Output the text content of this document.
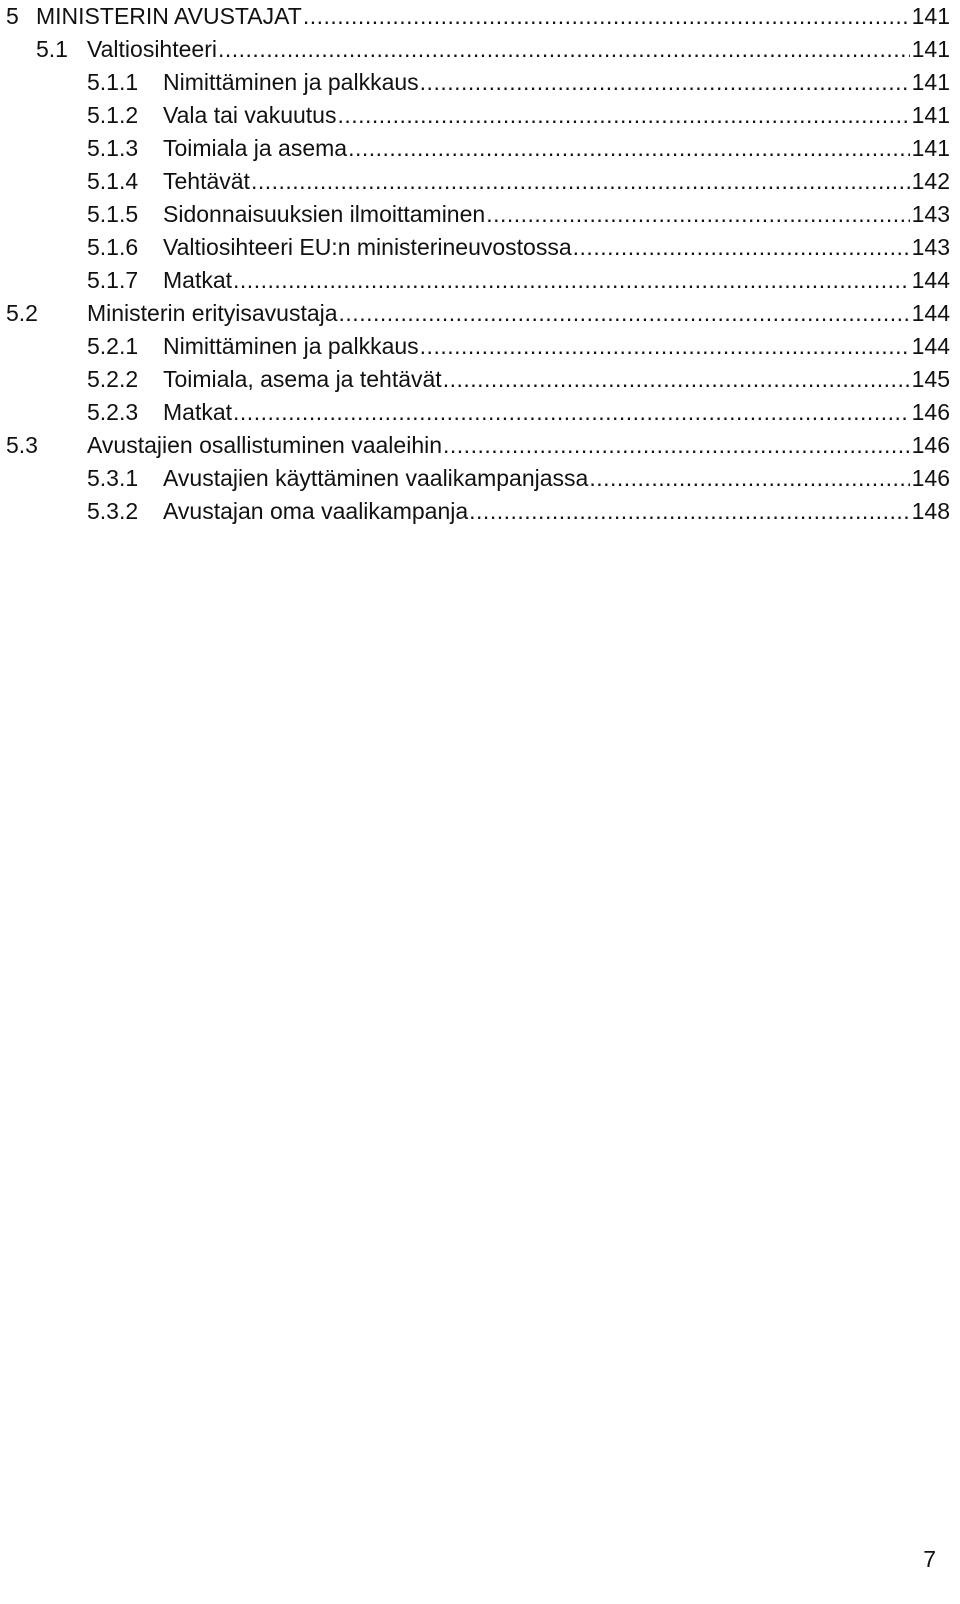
5 MINISTERIN AVUSTAJAT .....	141
5.1 Valtiosihteeri .....	141
5.1.1 Nimittäminen ja palkkaus .....	141
5.1.2 Vala tai vakuutus .....	141
5.1.3 Toimiala ja asema .....	141
5.1.4 Tehtävät .....	142
5.1.5 Sidonnaisuuksien ilmoittaminen .....	143
5.1.6 Valtiosihteeri EU:n ministerineuvostossa .....	143
5.1.7 Matkat .....	144
5.2 Ministerin erityisavustaja .....	144
5.2.1 Nimittäminen ja palkkaus .....	144
5.2.2 Toimiala, asema ja tehtävät .....	145
5.2.3 Matkat .....	146
5.3 Avustajien osallistuminen vaaleihin .....	146
5.3.1 Avustajien käyttäminen vaalikampanjassa .....	146
5.3.2 Avustajan oma vaalikampanja .....	148
7
